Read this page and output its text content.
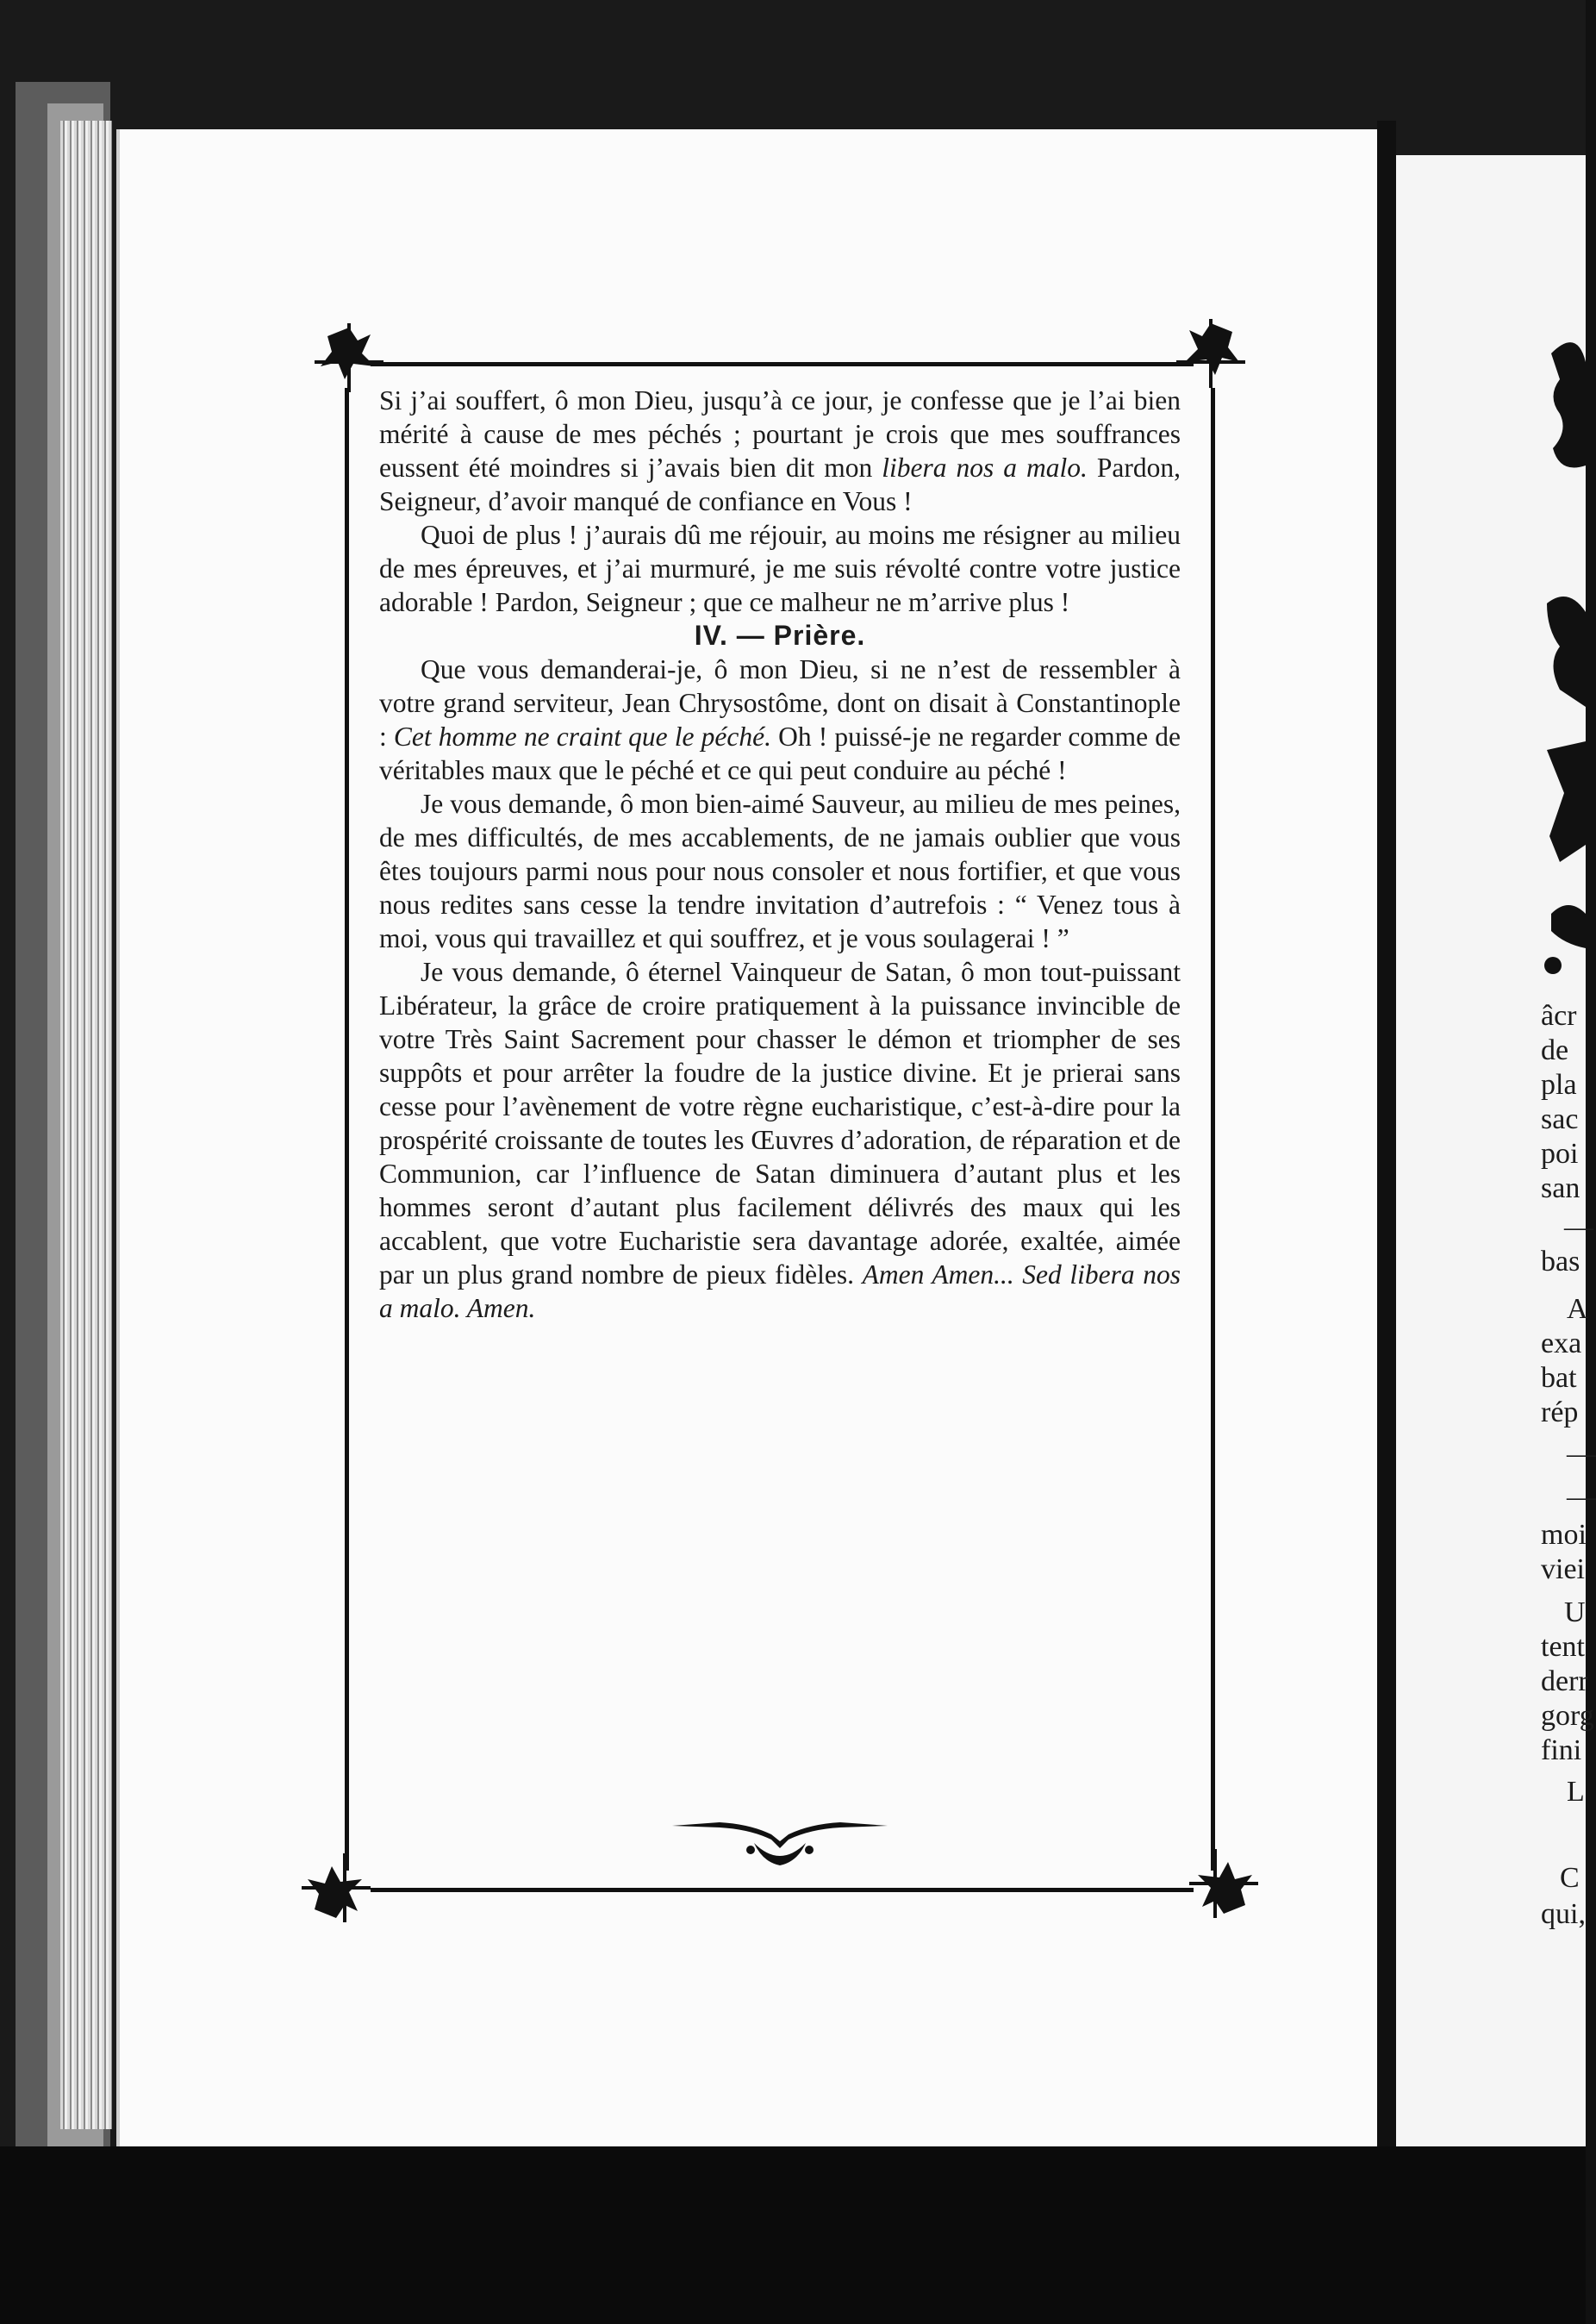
Si j’ai souffert, ô mon Dieu, jusqu’à ce jour, je confesse que je l’ai bien mérité à cause de mes péchés ; pourtant je crois que mes souffrances eussent été moindres si j’avais bien dit mon libera nos a malo. Pardon, Seigneur, d’avoir manqué de confiance en Vous !

Quoi de plus ! j’aurais dû me réjouir, au moins me résigner au milieu de mes épreuves, et j’ai murmuré, je me suis révolté contre votre justice adorable ! Pardon, Seigneur ; que ce malheur ne m’arrive plus !

IV. — Prière.

Que vous demanderai-je, ô mon Dieu, si ne n’est de ressembler à votre grand serviteur, Jean Chrysostôme, dont on disait à Constantinople : Cet homme ne craint que le péché. Oh ! puissé-je ne regarder comme de véritables maux que le péché et ce qui peut conduire au péché !

Je vous demande, ô mon bien-aimé Sauveur, au milieu de mes peines, de mes difficultés, de mes accablements, de ne jamais oublier que vous êtes toujours parmi nous pour nous consoler et nous fortifier, et que vous nous redites sans cesse la tendre invitation d’autrefois : “ Venez tous à moi, vous qui travaillez et qui souffrez, et je vous soulagerai ! ”

Je vous demande, ô éternel Vainqueur de Satan, ô mon tout-puissant Libérateur, la grâce de croire pratiquement à la puissance invincible de votre Très Saint Sacrement pour chasser le démon et triompher de ses suppôts et pour arrêter la foudre de la justice divine. Et je prierai sans cesse pour l’avènement de votre règne eucharistique, c’est-à-dire pour la prospérité croissante de toutes les Œuvres d’adoration, de réparation et de Communion, car l’influence de Satan diminuera d’autant plus et les hommes seront d’autant plus facilement délivrés des maux qui les accablent, que votre Eucharistie sera davantage adorée, exaltée, aimée par un plus grand nombre de pieux fidèles. Amen Amen... Sed libera nos a malo. Amen.

âcr
de
pla
sac
poi
san
—
bas
A
exa
bat
rép
—
—
moi
viei
U
tent
derr
gorg
fini
L
C
qui,
